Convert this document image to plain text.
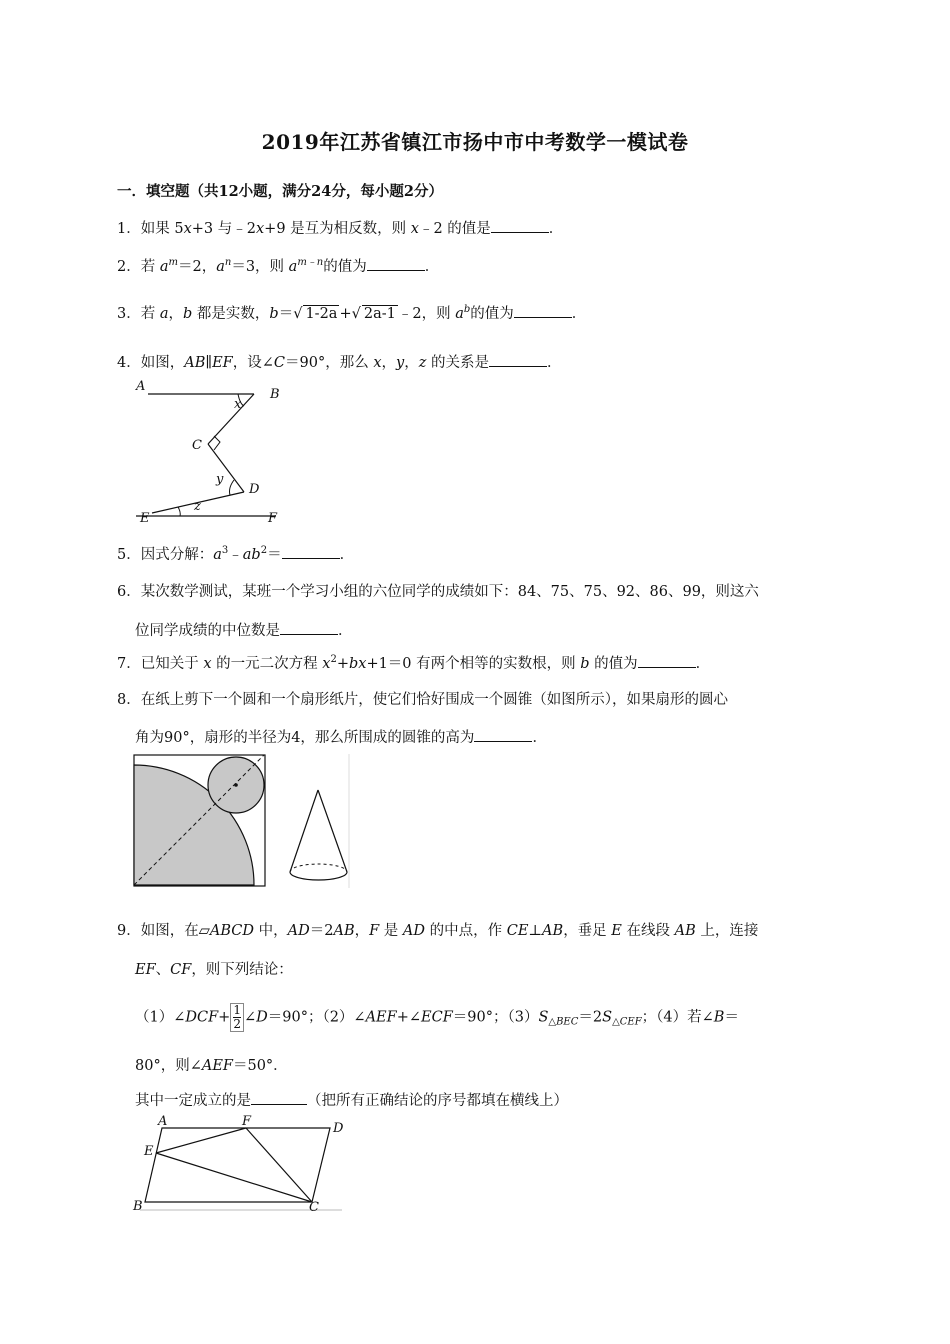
2019年江苏省镇江市扬中市中考数学一模试卷
一．填空题（共12小题，满分24分，每小题2分）
1．如果 5x+3 与﹣2x+9 是互为相反数，则 x﹣2 的值是	．
2．若 $a^m=2$，$a^n=3$，则 $a^{m﹣n}$的值为	．
3．若 a，b 都是实数，b＝√ 1-2a +√ 2a-1 ﹣2，则 $a^b$的值为	．
4．如图，AB∥EF，设∠C＝90°，那么 x，y，z 的关系是	．
A
B
x
C
y
D
z
E	F
5．因式分解：$a^3﹣ab^2=$	．
6．某次数学测试，某班一个学习小组的六位同学的成绩如下：84、75、75、92、86、99，则这六
位同学成绩的中位数是	．
7．已知关于 x 的一元二次方程 $x^2+bx+1=0$ 有两个相等的实数根，则 b 的值为	．
8．在纸上剪下一个圆和一个扇形纸片，使它们恰好围成一个圆锥（如图所示），如果扇形的圆心
角为90°，扇形的半径为4，那么所围成的圆锥的高为	．
9．如图，在▱ABCD 中，AD＝2AB，F 是 AD 的中点，作 CE⊥AB，垂足 E 在线段 AB 上，连接
EF、CF，则下列结论：
（1）∠DCF+ $\frac{1}{2}$ ∠D＝90°；（2）∠AEF+∠ECF＝90°；$(3)S_{\triangle BEC}=2S_{\triangle CEF}$；（4）若∠B＝
80°，则∠AEF＝50°．
其中一定成立的是	（把所有正确结论的序号都填在横线上）
A	F	D
E
B	C
